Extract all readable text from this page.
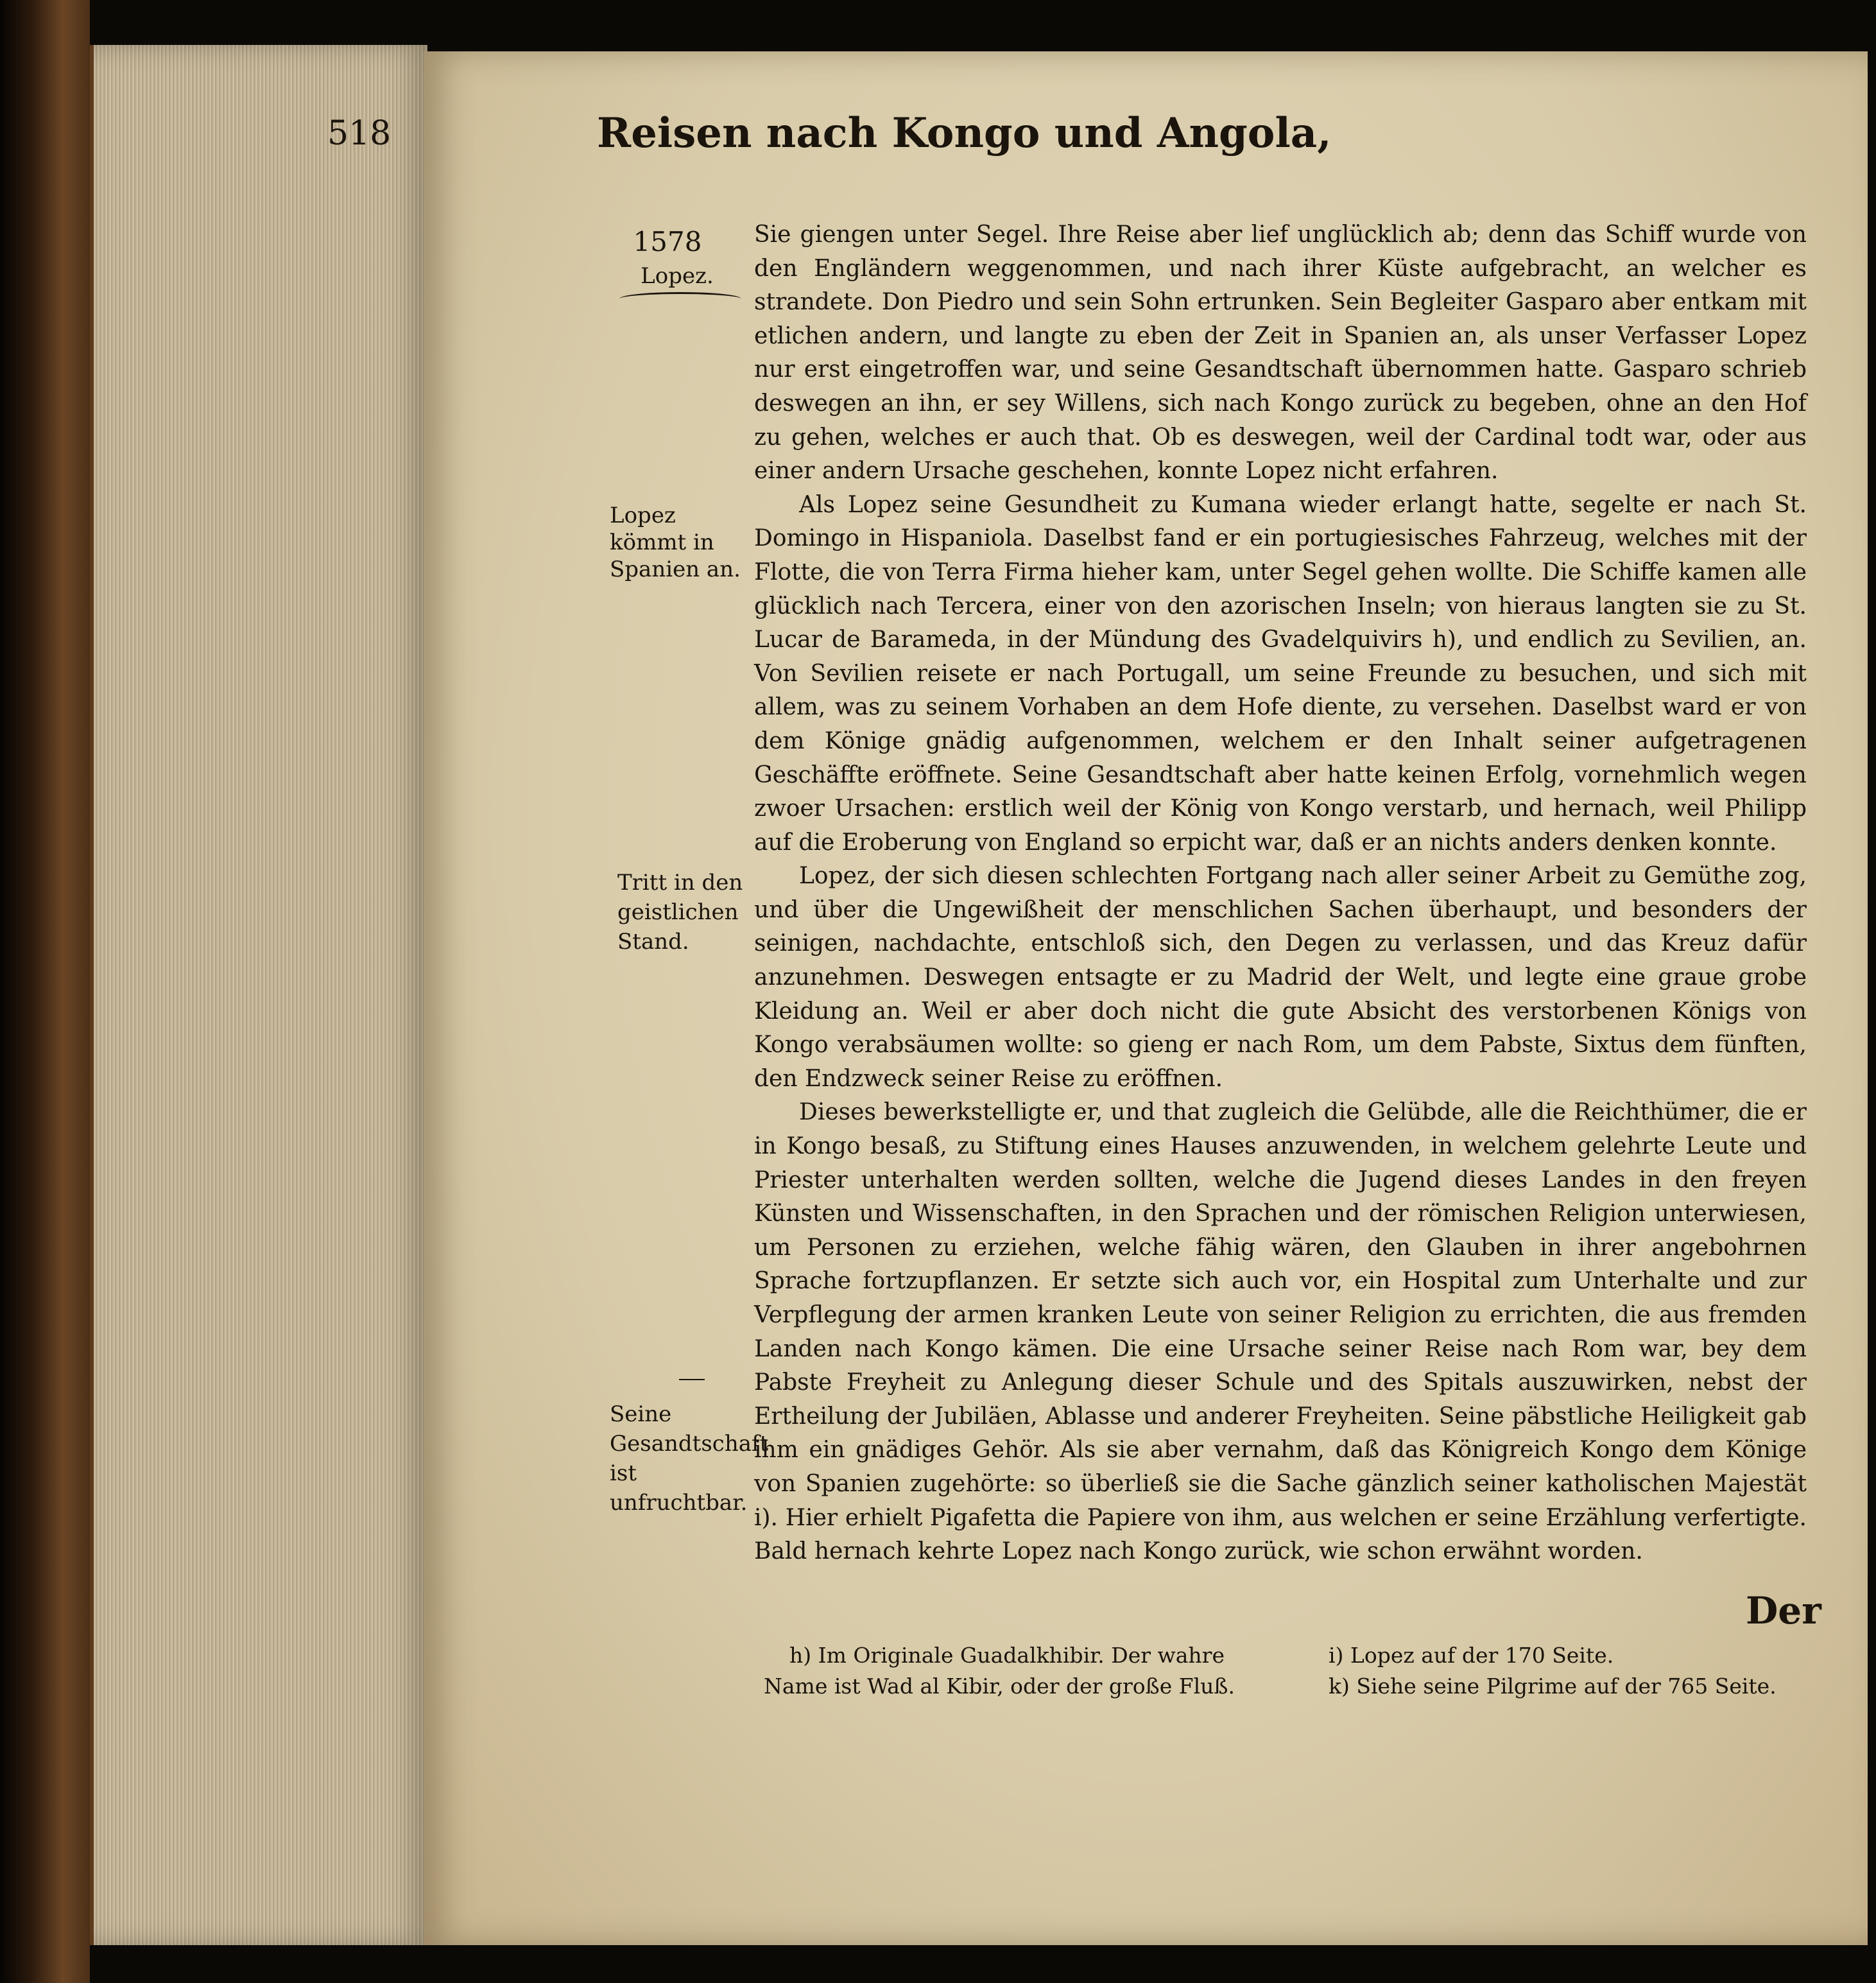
518	Reisen nach Kongo und Angola,
1578
Lopez.
Lopez kömmt in Spanien an.
Tritt in den geistlichen Stand.
Seine Gesandtschaft ist unfruchtbar.

Sie giengen unter Segel. Ihre Reise aber lief unglücklich ab; denn das Schiff wurde von den Engländern weggenommen, und nach ihrer Küste aufgebracht, an welcher es strandete. Don Piedro und sein Sohn ertrunken. Sein Begleiter Gasparo aber entkam mit etlichen andern, und langte zu eben der Zeit in Spanien an, als unser Verfasser Lopez nur erst eingetroffen war, und seine Gesandtschaft übernommen hatte. Gasparo schrieb deswegen an ihn, er sey Willens, sich nach Kongo zurück zu begeben, ohne an den Hof zu gehen, welches er auch that. Ob es deswegen, weil der Cardinal todt war, oder aus einer andern Ursache geschehen, konnte Lopez nicht erfahren.

Als Lopez seine Gesundheit zu Kumana wieder erlangt hatte, segelte er nach St. Domingo in Hispaniola. Daselbst fand er ein portugiesisches Fahrzeug, welches mit der Flotte, die von Terra Firma hieher kam, unter Segel gehen wollte. Die Schiffe kamen alle glücklich nach Tercera, einer von den azorischen Inseln; von hieraus langten sie zu St. Lucar de Barameda, in der Mündung des Gvadelquivirs h), und endlich zu Sevilien, an. Von Sevilien reisete er nach Portugall, um seine Freunde zu besuchen, und sich mit allem, was zu seinem Vorhaben an dem Hofe diente, zu versehen. Daselbst ward er von dem Könige gnädig aufgenommen, welchem er den Inhalt seiner aufgetragenen Geschäffte eröffnete. Seine Gesandtschaft aber hatte keinen Erfolg, vornehmlich wegen zwoer Ursachen: erstlich weil der König von Kongo verstarb, und hernach, weil Philipp auf die Eroberung von England so erpicht war, daß er an nichts anders denken konnte.

Lopez, der sich diesen schlechten Fortgang nach aller seiner Arbeit zu Gemüthe zog, und über die Ungewißheit der menschlichen Sachen überhaupt, und besonders der seinigen, nachdachte, entschloß sich, den Degen zu verlassen, und das Kreuz dafür anzunehmen. Deswegen entsagte er zu Madrid der Welt, und legte eine graue grobe Kleidung an. Weil er aber doch nicht die gute Absicht des verstorbenen Königs von Kongo verabsäumen wollte: so gieng er nach Rom, um dem Pabste, Sixtus dem fünften, den Endzweck seiner Reise zu eröffnen.

Dieses bewerkstelligte er, und that zugleich die Gelübde, alle die Reichthümer, die er in Kongo besaß, zu Stiftung eines Hauses anzuwenden, in welchem gelehrte Leute und Priester unterhalten werden sollten, welche die Jugend dieses Landes in den freyen Künsten und Wissenschaften, in den Sprachen und der römischen Religion unterwiesen, um Personen zu erziehen, welche fähig wären, den Glauben in ihrer angebohrnen Sprache fortzupflanzen. Er setzte sich auch vor, ein Hospital zum Unterhalte und zur Verpflegung der armen kranken Leute von seiner Religion zu errichten, die aus fremden Landen nach Kongo kämen. Die eine Ursache seiner Reise nach Rom war, bey dem Pabste Freyheit zu Anlegung dieser Schule und des Spitals auszuwirken, nebst der Ertheilung der Jubiläen, Ablasse und anderer Freyheiten. Seine päbstliche Heiligkeit gab ihm ein gnädiges Gehör. Als sie aber vernahm, daß das Königreich Kongo dem Könige von Spanien zugehörte: so überließ sie die Sache gänzlich seiner katholischen Majestät i). Hier erhielt Pigafetta die Papiere von ihm, aus welchen er seine Erzählung verfertigte. Bald hernach kehrte Lopez nach Kongo zurück, wie schon erwähnt worden.

Der
h) Im Originale Guadalkhibir. Der wahre
Name ist Wad al Kibir, oder der große Fluß.
i) Lopez auf der 170 Seite.
k) Siehe seine Pilgrime auf der 765 Seite.
